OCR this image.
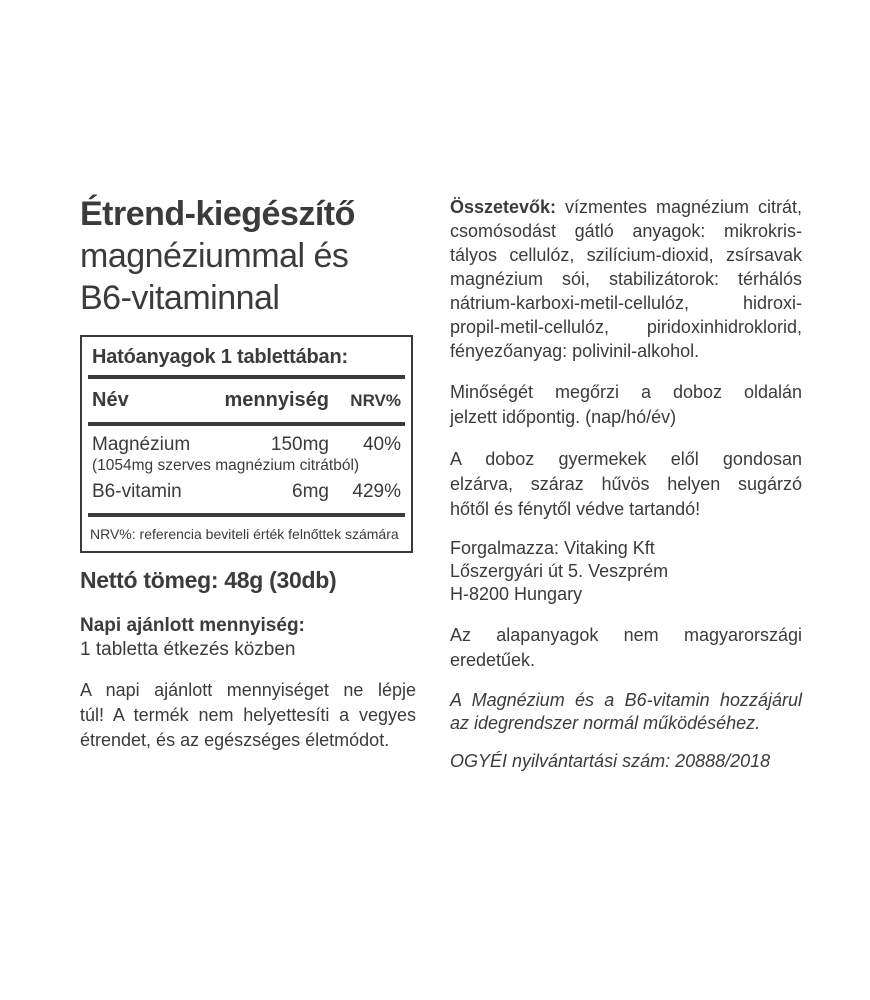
Étrend-kiegészítő
magnéziummal és
B6-vitaminnal
Hatóanyagok 1 tablettában:
Név	mennyiség	NRV%
Magnézium	150mg	40%
(1054mg szerves magnézium citrátból)
B6-vitamin	6mg	429%
NRV%: referencia beviteli érték felnőttek számára
Nettó tömeg: 48g (30db)
Napi ajánlott mennyiség:
1 tabletta étkezés közben
A napi ajánlott mennyiséget ne lépje
túl! A termék nem helyettesíti a vegyes
étrendet, és az egészséges életmódot.
Összetevők: vízmentes magnézium citrát,
csomósodást gátló anyagok: mikrokris-
tályos cellulóz, szilícium-dioxid, zsírsavak
magnézium sói, stabilizátorok: térhálós
nátrium-karboxi-metil-cellulóz, hidroxi-
propil-metil-cellulóz, piridoxinhidroklorid,
fényezőanyag: polivinil-alkohol.
Minőségét megőrzi a doboz oldalán
jelzett időpontig. (nap/hó/év)
A doboz gyermekek elől gondosan
elzárva, száraz hűvös helyen sugárzó
hőtől és fénytől védve tartandó!
Forgalmazza: Vitaking Kft
Lőszergyári út 5. Veszprém
H-8200 Hungary
Az alapanyagok nem magyarországi
eredetűek.
A Magnézium és a B6-vitamin hozzájárul
az idegrendszer normál működéséhez.
OGYÉI nyilvántartási szám: 20888/2018
